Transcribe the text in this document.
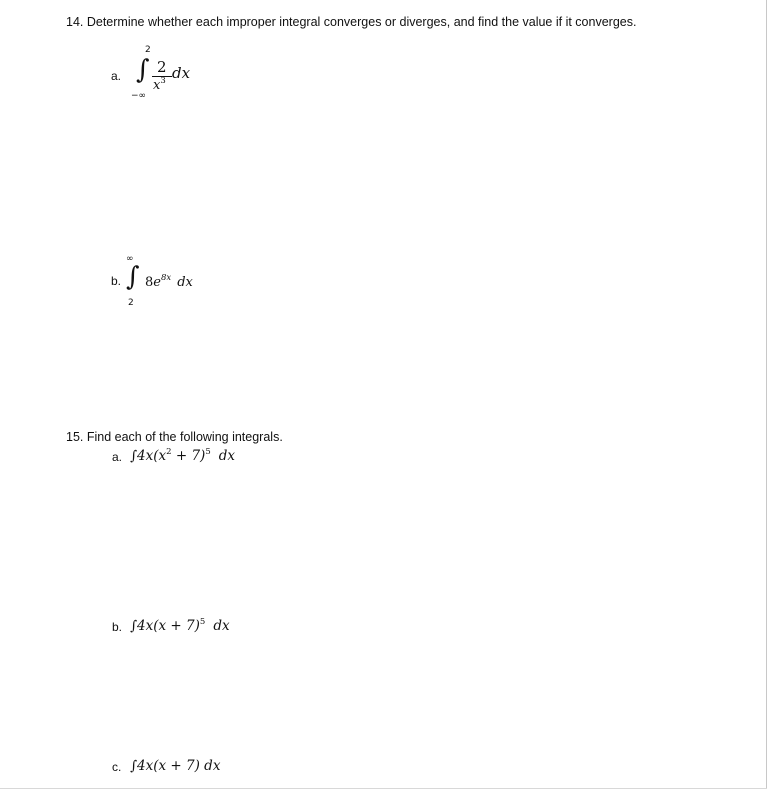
14. Determine whether each improper integral converges or diverges, and find the value if it converges.
a.
2
∫
−∞
2
$x^3$ dx
b.
∞
∫
2
$8e^{8x}$ dx
15. Find each of the following integrals.
a. $\int 4x(x^2 + 7)^5$ dx
b. $\int 4x(x + 7)^5$ dx
c. ∫4x(x + 7) dx
